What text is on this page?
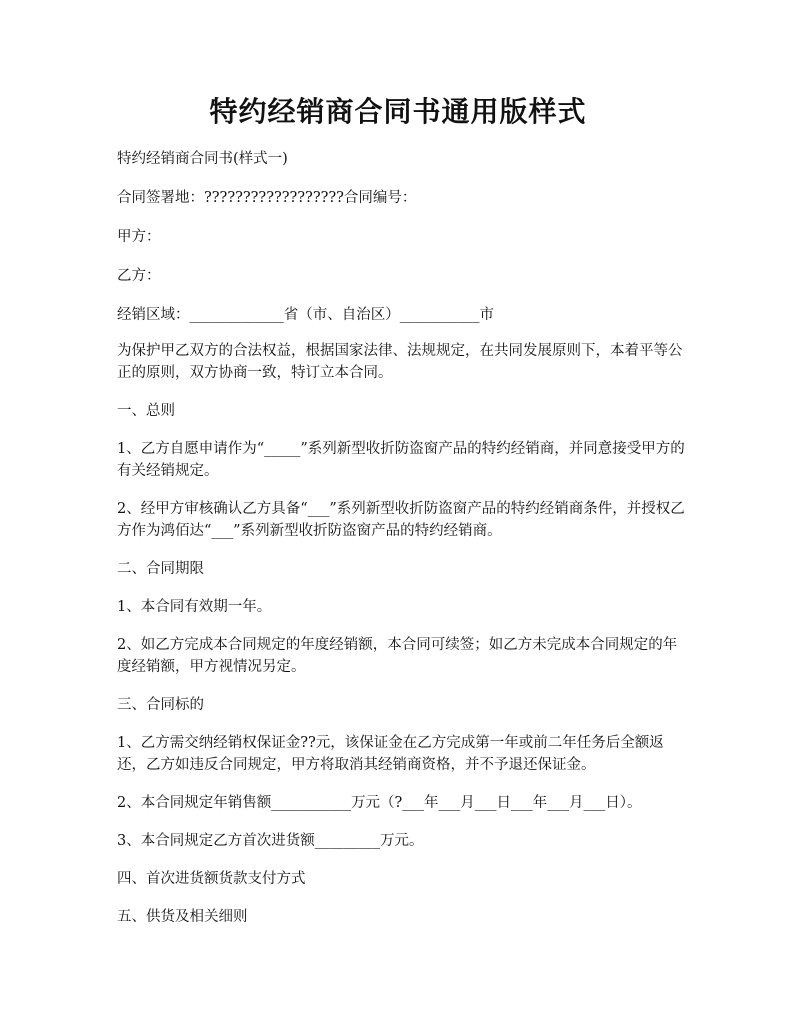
特约经销商合同书通用版样式

特约经销商合同书(样式一)

合同签署地：??????????????????合同编号：

甲方：

乙方：

经销区域：_____________省（市、自治区）___________市

为保护甲乙双方的合法权益，根据国家法律、法规规定，在共同发展原则下，本着平等公正的原则，双方协商一致，特订立本合同。

一、总则

1、乙方自愿申请作为“_____”系列新型收折防盗窗产品的特约经销商，并同意接受甲方的有关经销规定。

2、经甲方审核确认乙方具备“___”系列新型收折防盗窗产品的特约经销商条件，并授权乙方作为鸿佰达“___”系列新型收折防盗窗产品的特约经销商。

二、合同期限

1、本合同有效期一年。

2、如乙方完成本合同规定的年度经销额，本合同可续签；如乙方未完成本合同规定的年度经销额，甲方视情况另定。

三、合同标的

1、乙方需交纳经销权保证金??元，该保证金在乙方完成第一年或前二年任务后全额返还，乙方如违反合同规定，甲方将取消其经销商资格，并不予退还保证金。

2、本合同规定年销售额___________万元（?___年___月___日___年___月___日）。

3、本合同规定乙方首次进货额_________万元。

四、首次进货额货款支付方式

五、供货及相关细则
